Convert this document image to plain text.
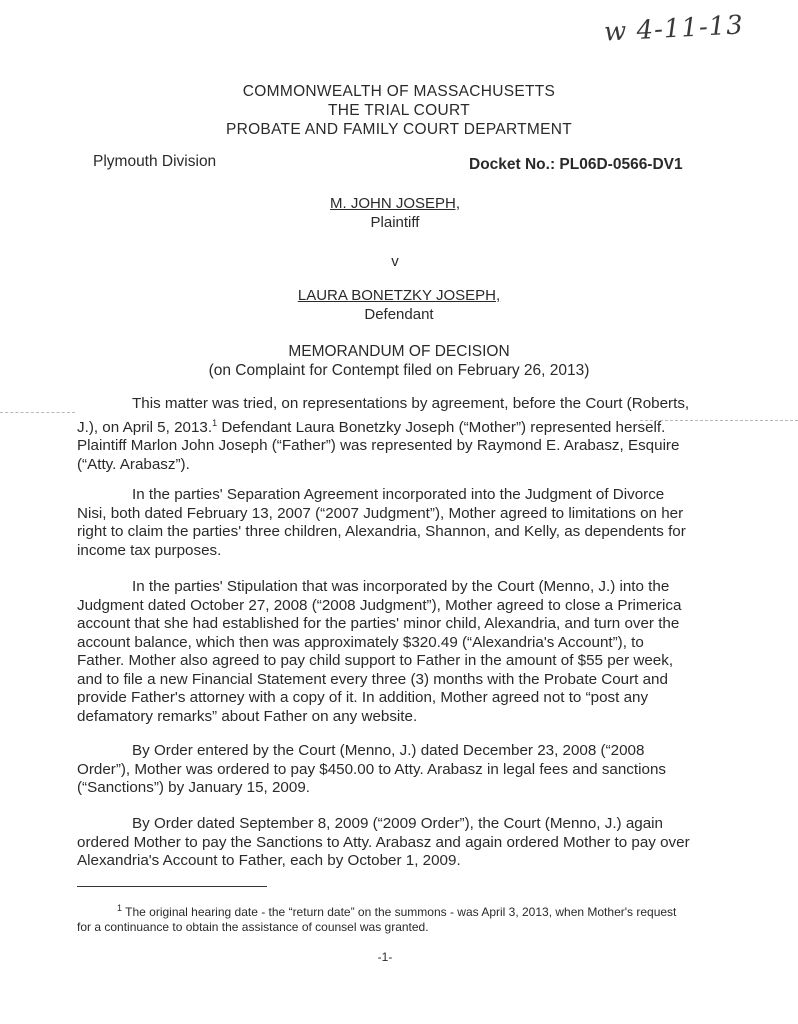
w 4-11-13
COMMONWEALTH OF MASSACHUSETTS
THE TRIAL COURT
PROBATE AND FAMILY COURT DEPARTMENT
Plymouth Division	Docket No.: PL06D-0566-DV1
M. JOHN JOSEPH,
Plaintiff
v
LAURA BONETZKY JOSEPH,
Defendant
MEMORANDUM OF DECISION
(on Complaint for Contempt filed on February 26, 2013)

This matter was tried, on representations by agreement, before the Court (Roberts, J.), on April 5, 2013.$^1$ Defendant Laura Bonetzky Joseph (“Mother”) represented herself. Plaintiff Marlon John Joseph (“Father”) was represented by Raymond E. Arabasz, Esquire (“Atty. Arabasz”).

In the parties' Separation Agreement incorporated into the Judgment of Divorce Nisi, both dated February 13, 2007 (“2007 Judgment”), Mother agreed to limitations on her right to claim the parties' three children, Alexandria, Shannon, and Kelly, as dependents for income tax purposes.

In the parties' Stipulation that was incorporated by the Court (Menno, J.) into the Judgment dated October 27, 2008 (“2008 Judgment”), Mother agreed to close a Primerica account that she had established for the parties' minor child, Alexandria, and turn over the account balance, which then was approximately $320.49 (“Alexandria's Account”), to Father. Mother also agreed to pay child support to Father in the amount of $55 per week, and to file a new Financial Statement every three (3) months with the Probate Court and provide Father's attorney with a copy of it. In addition, Mother agreed not to “post any defamatory remarks” about Father on any website.

By Order entered by the Court (Menno, J.) dated December 23, 2008 (“2008 Order”), Mother was ordered to pay $450.00 to Atty. Arabasz in legal fees and sanctions (“Sanctions”) by January 15, 2009.

By Order dated September 8, 2009 (“2009 Order”), the Court (Menno, J.) again ordered Mother to pay the Sanctions to Atty. Arabasz and again ordered Mother to pay over Alexandria's Account to Father, each by October 1, 2009.

$^1$ The original hearing date - the “return date” on the summons - was April 3, 2013, when Mother's request for a continuance to obtain the assistance of counsel was granted.

-1-
